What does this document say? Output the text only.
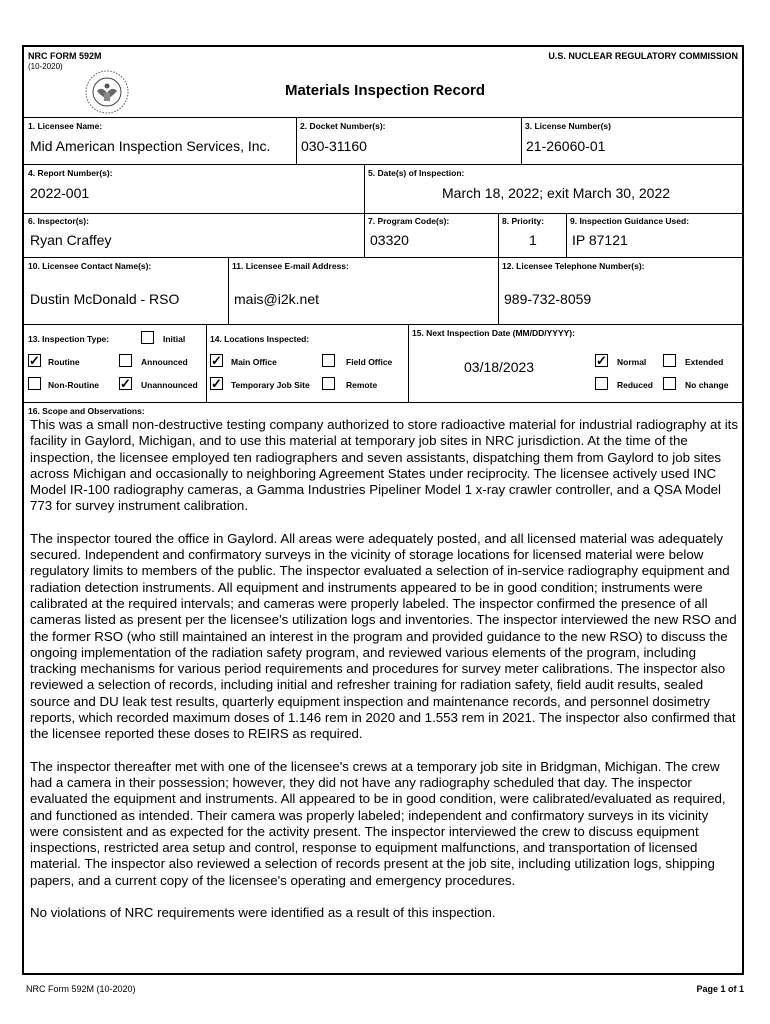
NRC FORM 592M
(10-2020)
U.S. NUCLEAR REGULATORY COMMISSION
Materials Inspection Record
1. Licensee Name:
Mid American Inspection Services, Inc.
2. Docket Number(s):
030-31160
3. License Number(s)
21-26060-01
4. Report Number(s):
2022-001
5. Date(s) of Inspection:
March 18, 2022; exit March 30, 2022
6. Inspector(s):
Ryan Craffey
7. Program Code(s):
03320
8. Priority:
1
9. Inspection Guidance Used:
IP 87121
10. Licensee Contact Name(s):
Dustin McDonald - RSO
11. Licensee E-mail Address:
mais@i2k.net
12. Licensee Telephone Number(s):
989-732-8059
13. Inspection Type:	Initial
✓ Routine	Announced
Non-Routine ✓ Unannounced
14. Locations Inspected:
✓ Main Office	Field Office
✓ Temporary Job Site	Remote
15. Next Inspection Date (MM/DD/YYYY):
03/18/2023	✓ Normal	Extended
Reduced	No change
16. Scope and Observations:

This was a small non-destructive testing company authorized to store radioactive material for industrial radiography at its facility in Gaylord, Michigan, and to use this material at temporary job sites in NRC jurisdiction. At the time of the inspection, the licensee employed ten radiographers and seven assistants, dispatching them from Gaylord to job sites across Michigan and occasionally to neighboring Agreement States under reciprocity. The licensee actively used INC Model IR-100 radiography cameras, a Gamma Industries Pipeliner Model 1 x-ray crawler controller, and a QSA Model 773 for survey instrument calibration.

The inspector toured the office in Gaylord. All areas were adequately posted, and all licensed material was adequately secured. Independent and confirmatory surveys in the vicinity of storage locations for licensed material were below regulatory limits to members of the public. The inspector evaluated a selection of in-service radiography equipment and radiation detection instruments. All equipment and instruments appeared to be in good condition; instruments were calibrated at the required intervals; and cameras were properly labeled. The inspector confirmed the presence of all cameras listed as present per the licensee's utilization logs and inventories. The inspector interviewed the new RSO and the former RSO (who still maintained an interest in the program and provided guidance to the new RSO) to discuss the ongoing implementation of the radiation safety program, and reviewed various elements of the program, including tracking mechanisms for various period requirements and procedures for survey meter calibrations. The inspector also reviewed a selection of records, including initial and refresher training for radiation safety, field audit results, sealed source and DU leak test results, quarterly equipment inspection and maintenance records, and personnel dosimetry reports, which recorded maximum doses of 1.146 rem in 2020 and 1.553 rem in 2021. The inspector also confirmed that the licensee reported these doses to REIRS as required.

The inspector thereafter met with one of the licensee's crews at a temporary job site in Bridgman, Michigan. The crew had a camera in their possession; however, they did not have any radiography scheduled that day. The inspector evaluated the equipment and instruments. All appeared to be in good condition, were calibrated/evaluated as required, and functioned as intended. Their camera was properly labeled; independent and confirmatory surveys in its vicinity were consistent and as expected for the activity present. The inspector interviewed the crew to discuss equipment inspections, restricted area setup and control, response to equipment malfunctions, and transportation of licensed material. The inspector also reviewed a selection of records present at the job site, including utilization logs, shipping papers, and a current copy of the licensee's operating and emergency procedures.

No violations of NRC requirements were identified as a result of this inspection.

NRC Form 592M (10-2020)	Page 1 of 1
